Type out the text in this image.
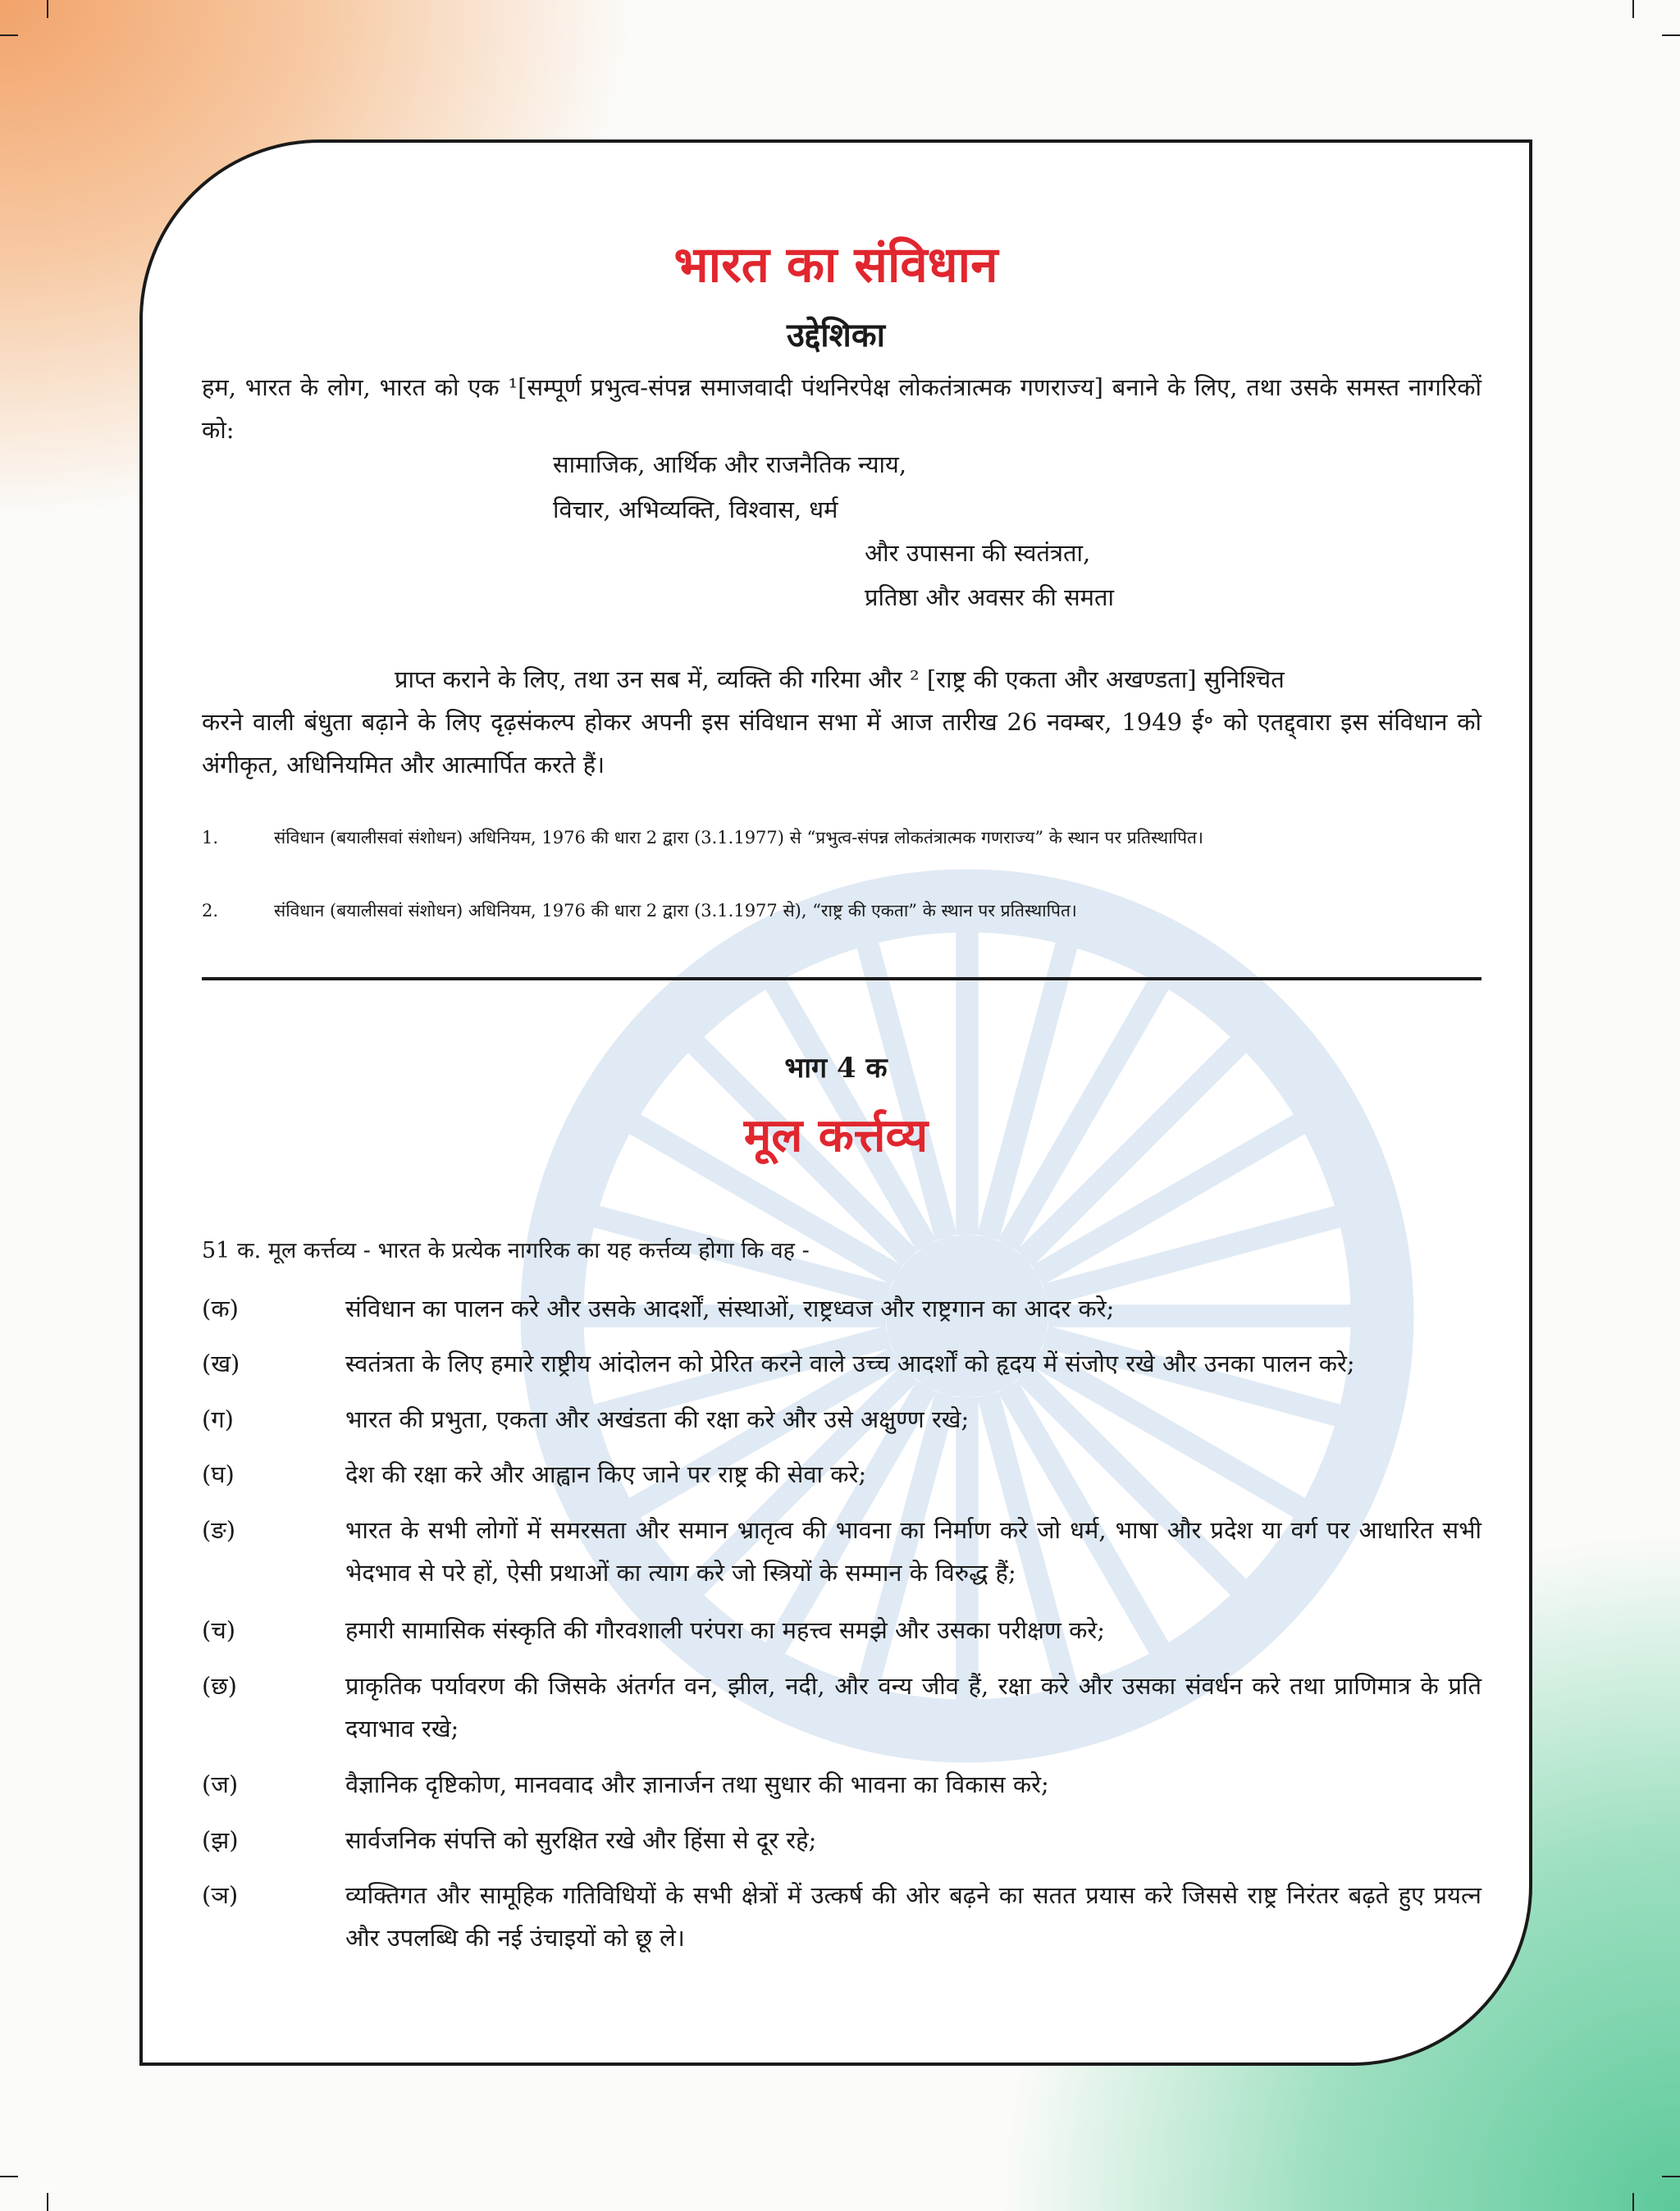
भारत का संविधान
उद्देशिका
हम, भारत के लोग, भारत को एक ¹[सम्पूर्ण प्रभुत्व-संपन्न समाजवादी पंथनिरपेक्ष लोकतंत्रात्मक गणराज्य] बनाने के लिए, तथा उसके समस्त नागरिकों को:
सामाजिक, आर्थिक और राजनैतिक न्याय,
विचार, अभिव्यक्ति, विश्वास, धर्म
और उपासना की स्वतंत्रता,
प्रतिष्ठा और अवसर की समता
प्राप्त कराने के लिए, तथा उन सब में, व्यक्ति की गरिमा और ² [राष्ट्र की एकता और अखण्डता] सुनिश्चित
करने वाली बंधुता बढ़ाने के लिए दृढ़संकल्प होकर अपनी इस संविधान सभा में आज तारीख 26 नवम्बर, 1949 ई॰ को एतद्द्वारा इस संविधान को अंगीकृत, अधिनियमित और आत्मार्पित करते हैं।
1.	संविधान (बयालीसवां संशोधन) अधिनियम, 1976 की धारा 2 द्वारा (3.1.1977) से “प्रभुत्व-संपन्न लोकतंत्रात्मक गणराज्य” के स्थान पर प्रतिस्थापित।
2.	संविधान (बयालीसवां संशोधन) अधिनियम, 1976 की धारा 2 द्वारा (3.1.1977 से), “राष्ट्र की एकता” के स्थान पर प्रतिस्थापित।
भाग 4 क
मूल कर्त्तव्य
51 क. मूल कर्त्तव्य - भारत के प्रत्येक नागरिक का यह कर्त्तव्य होगा कि वह -
(क)	संविधान का पालन करे और उसके आदर्शों, संस्थाओं, राष्ट्रध्वज और राष्ट्रगान का आदर करे;
(ख)	स्वतंत्रता के लिए हमारे राष्ट्रीय आंदोलन को प्रेरित करने वाले उच्च आदर्शों को हृदय में संजोए रखे और उनका पालन करे;
(ग)	भारत की प्रभुता, एकता और अखंडता की रक्षा करे और उसे अक्षुण्ण रखे;
(घ)	देश की रक्षा करे और आह्वान किए जाने पर राष्ट्र की सेवा करे;
(ङ)	भारत के सभी लोगों में समरसता और समान भ्रातृत्व की भावना का निर्माण करे जो धर्म, भाषा और प्रदेश या वर्ग पर आधारित सभी भेदभाव से परे हों, ऐसी प्रथाओं का त्याग करे जो स्त्रियों के सम्मान के विरुद्ध हैं;
(च)	हमारी सामासिक संस्कृति की गौरवशाली परंपरा का महत्त्व समझे और उसका परीक्षण करे;
(छ)	प्राकृतिक पर्यावरण की जिसके अंतर्गत वन, झील, नदी, और वन्य जीव हैं, रक्षा करे और उसका संवर्धन करे तथा प्राणिमात्र के प्रति दयाभाव रखे;
(ज)	वैज्ञानिक दृष्टिकोण, मानववाद और ज्ञानार्जन तथा सुधार की भावना का विकास करे;
(झ)	सार्वजनिक संपत्ति को सुरक्षित रखे और हिंसा से दूर रहे;
(ञ)	व्यक्तिगत और सामूहिक गतिविधियों के सभी क्षेत्रों में उत्कर्ष की ओर बढ़ने का सतत प्रयास करे जिससे राष्ट्र निरंतर बढ़ते हुए प्रयत्न और उपलब्धि की नई उंचाइयों को छू ले।
